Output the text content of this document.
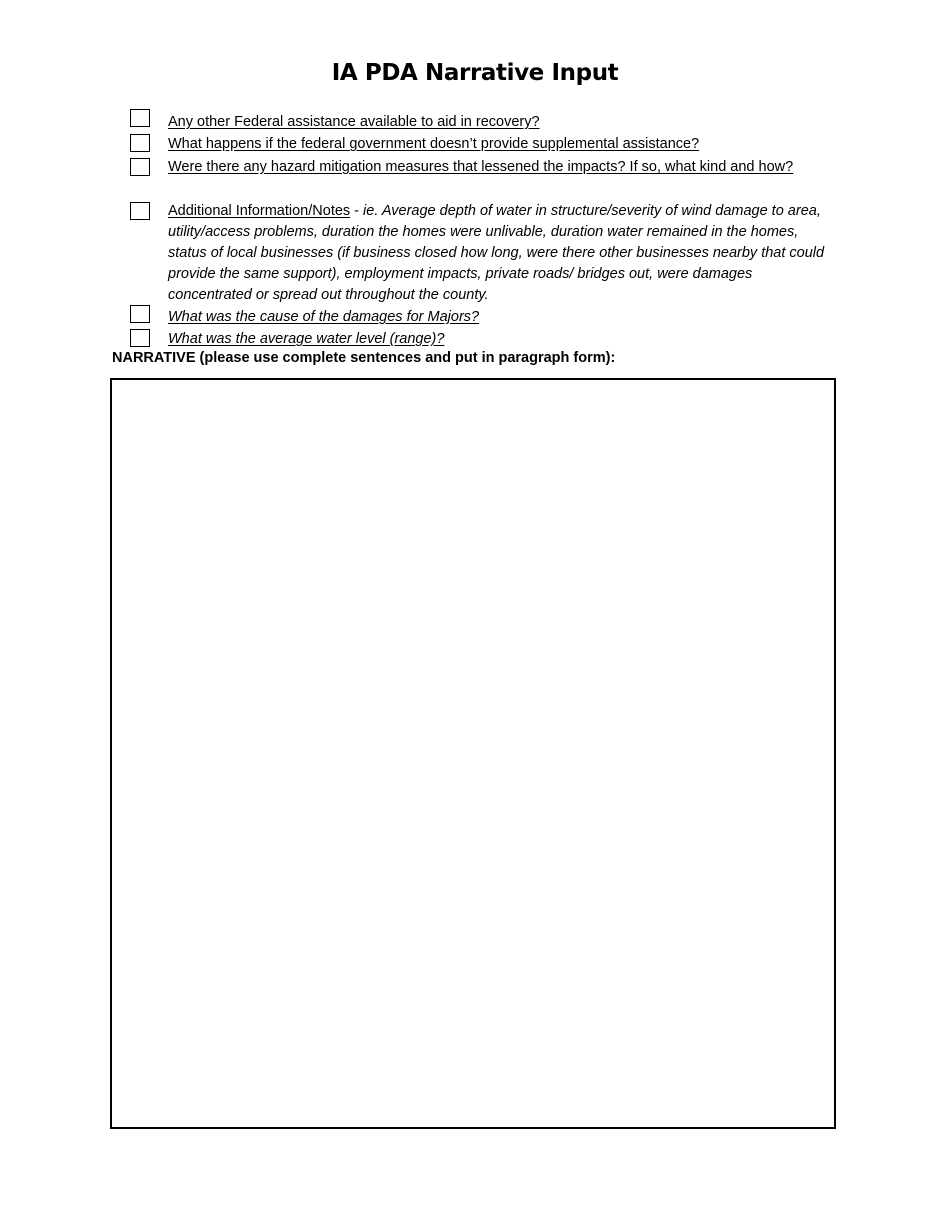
IA PDA Narrative Input
Any other Federal assistance available to aid in recovery?
What happens if the federal government doesn’t provide supplemental assistance?
Were there any hazard mitigation measures that lessened the impacts? If so, what kind and how?
Additional Information/Notes - ie. Average depth of water in structure/severity of wind damage to area, utility/access problems, duration the homes were unlivable, duration water remained in the homes, status of local businesses (if business closed how long, were there other businesses nearby that could provide the same support), employment impacts, private roads/ bridges out, were damages concentrated or spread out throughout the county.
What was the cause of the damages for Majors?
What was the average water level (range)?
NARRATIVE (please use complete sentences and put in paragraph form):
